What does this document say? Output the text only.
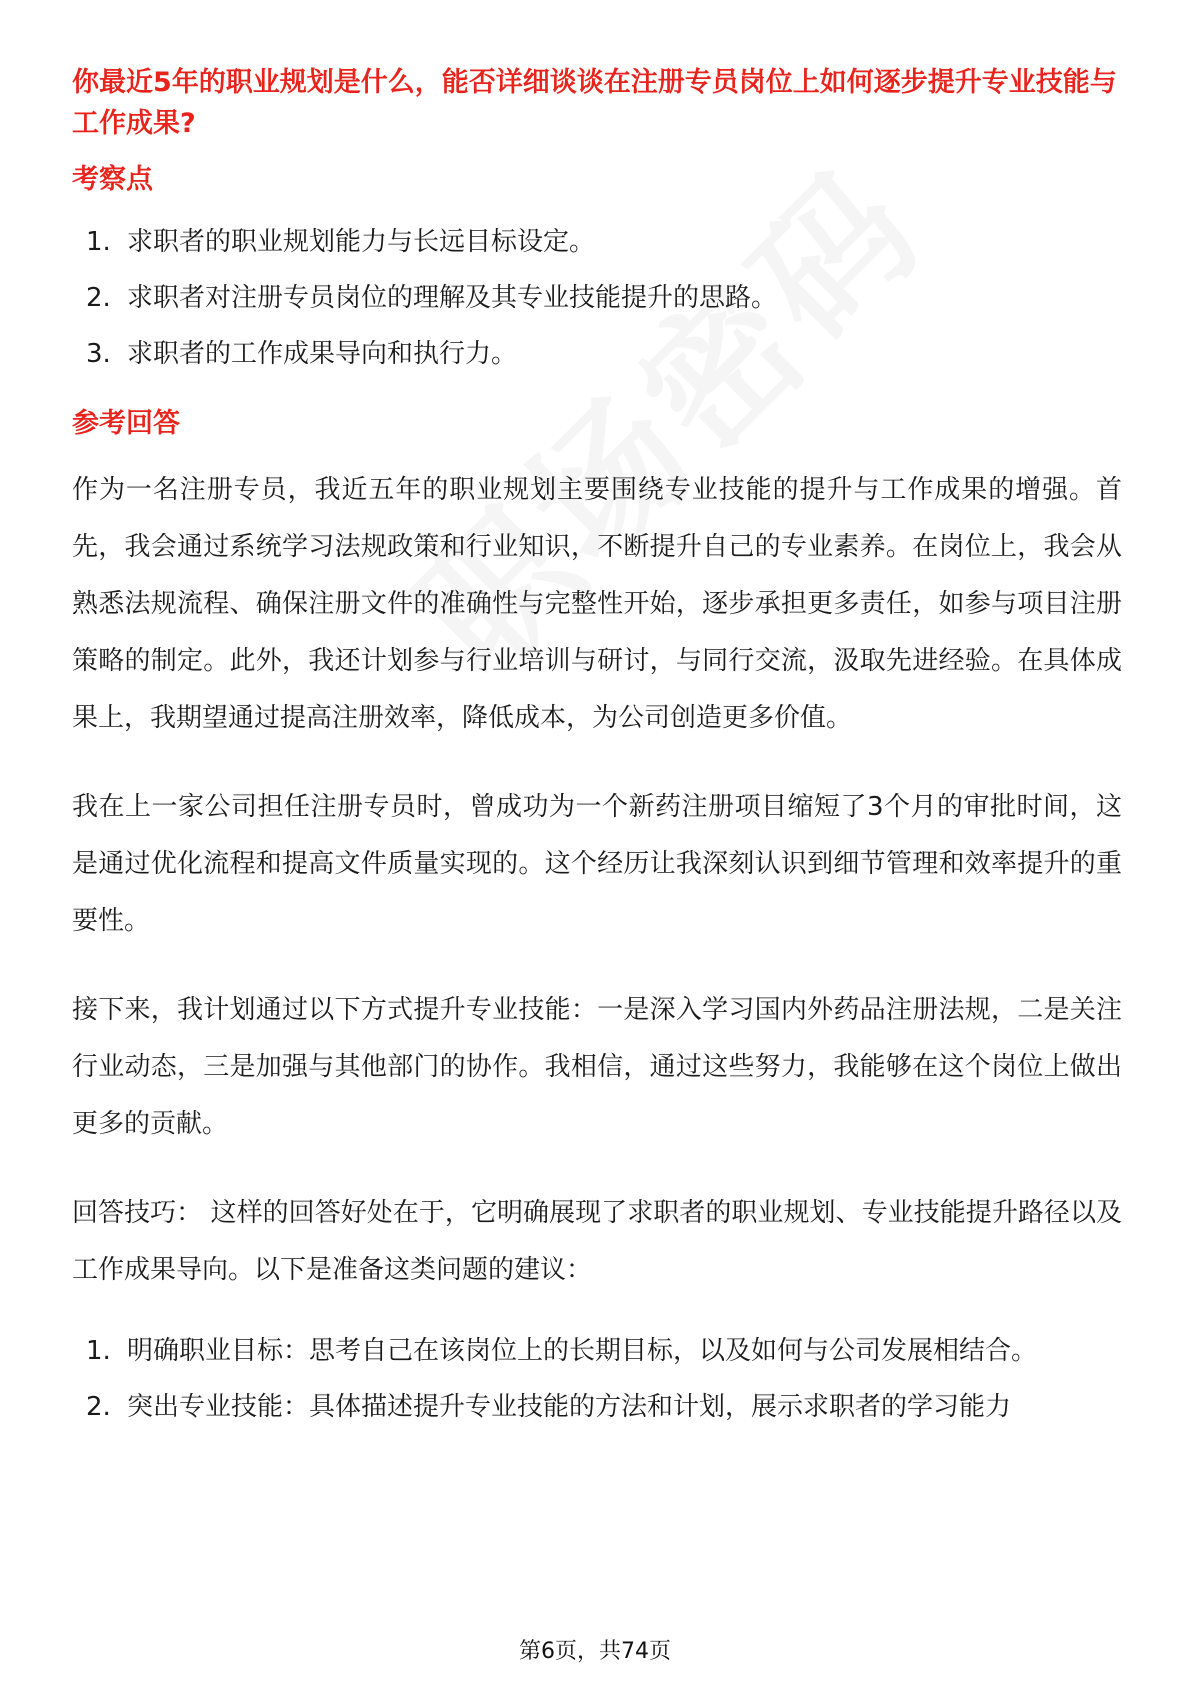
你最近5年的职业规划是什么，能否详细谈谈在注册专员岗位上如何逐步提升专业技能与工作成果?
考察点
1. 求职者的职业规划能力与长远目标设定。
2. 求职者对注册专员岗位的理解及其专业技能提升的思路。
3. 求职者的工作成果导向和执行力。
参考回答

作为一名注册专员，我近五年的职业规划主要围绕专业技能的提升与工作成果的增强。首先，我会通过系统学习法规政策和行业知识，不断提升自己的专业素养。在岗位上，我会从熟悉法规流程、确保注册文件的准确性与完整性开始，逐步承担更多责任，如参与项目注册策略的制定。此外，我还计划参与行业培训与研讨，与同行交流，汲取先进经验。在具体成果上，我期望通过提高注册效率，降低成本，为公司创造更多价值。

我在上一家公司担任注册专员时，曾成功为一个新药注册项目缩短了3个月的审批时间，这是通过优化流程和提高文件质量实现的。这个经历让我深刻认识到细节管理和效率提升的重要性。

接下来，我计划通过以下方式提升专业技能：一是深入学习国内外药品注册法规，二是关注行业动态，三是加强与其他部门的协作。我相信，通过这些努力，我能够在这个岗位上做出更多的贡献。

回答技巧： 这样的回答好处在于，它明确展现了求职者的职业规划、专业技能提升路径以及工作成果导向。以下是准备这类问题的建议：

1. 明确职业目标：思考自己在该岗位上的长期目标，以及如何与公司发展相结合。
2. 突出专业技能：具体描述提升专业技能的方法和计划，展示求职者的学习能力
第6页，共74页
